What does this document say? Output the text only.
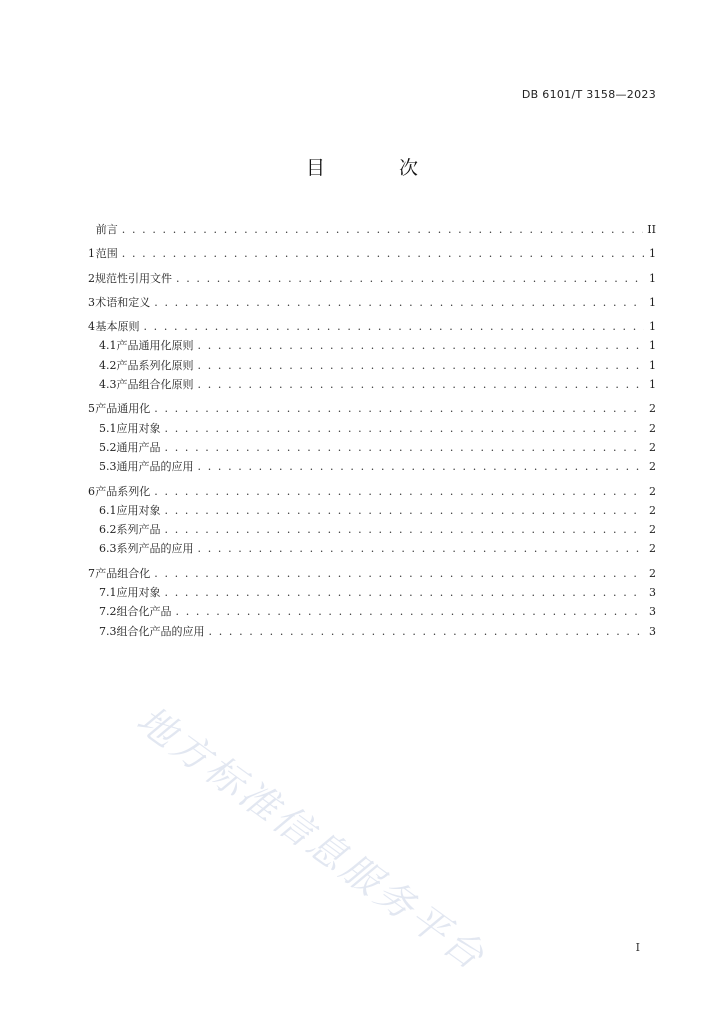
DB 6101/T 3158—2023
目 次
前言 . . .	II
1 范围 . . .	1
2 规范性引用文件 . . .	1
3 术语和定义 . . .	1
4 基本原则 . . .	1
4.1 产品通用化原则 . . .	1
4.2 产品系列化原则 . . .	1
4.3 产品组合化原则 . . .	1
5 产品通用化 . . .	2
5.1 应用对象 . . .	2
5.2 通用产品 . . .	2
5.3 通用产品的应用 . . .	2
6 产品系列化 . . .	2
6.1 应用对象 . . .	2
6.2 系列产品 . . .	2
6.3 系列产品的应用 . . .	2
7 产品组合化 . . .	2
7.1 应用对象 . . .	3
7.2 组合化产品 . . .	3
7.3 组合化产品的应用 . . .	3
地方标准信息服务平台	I
